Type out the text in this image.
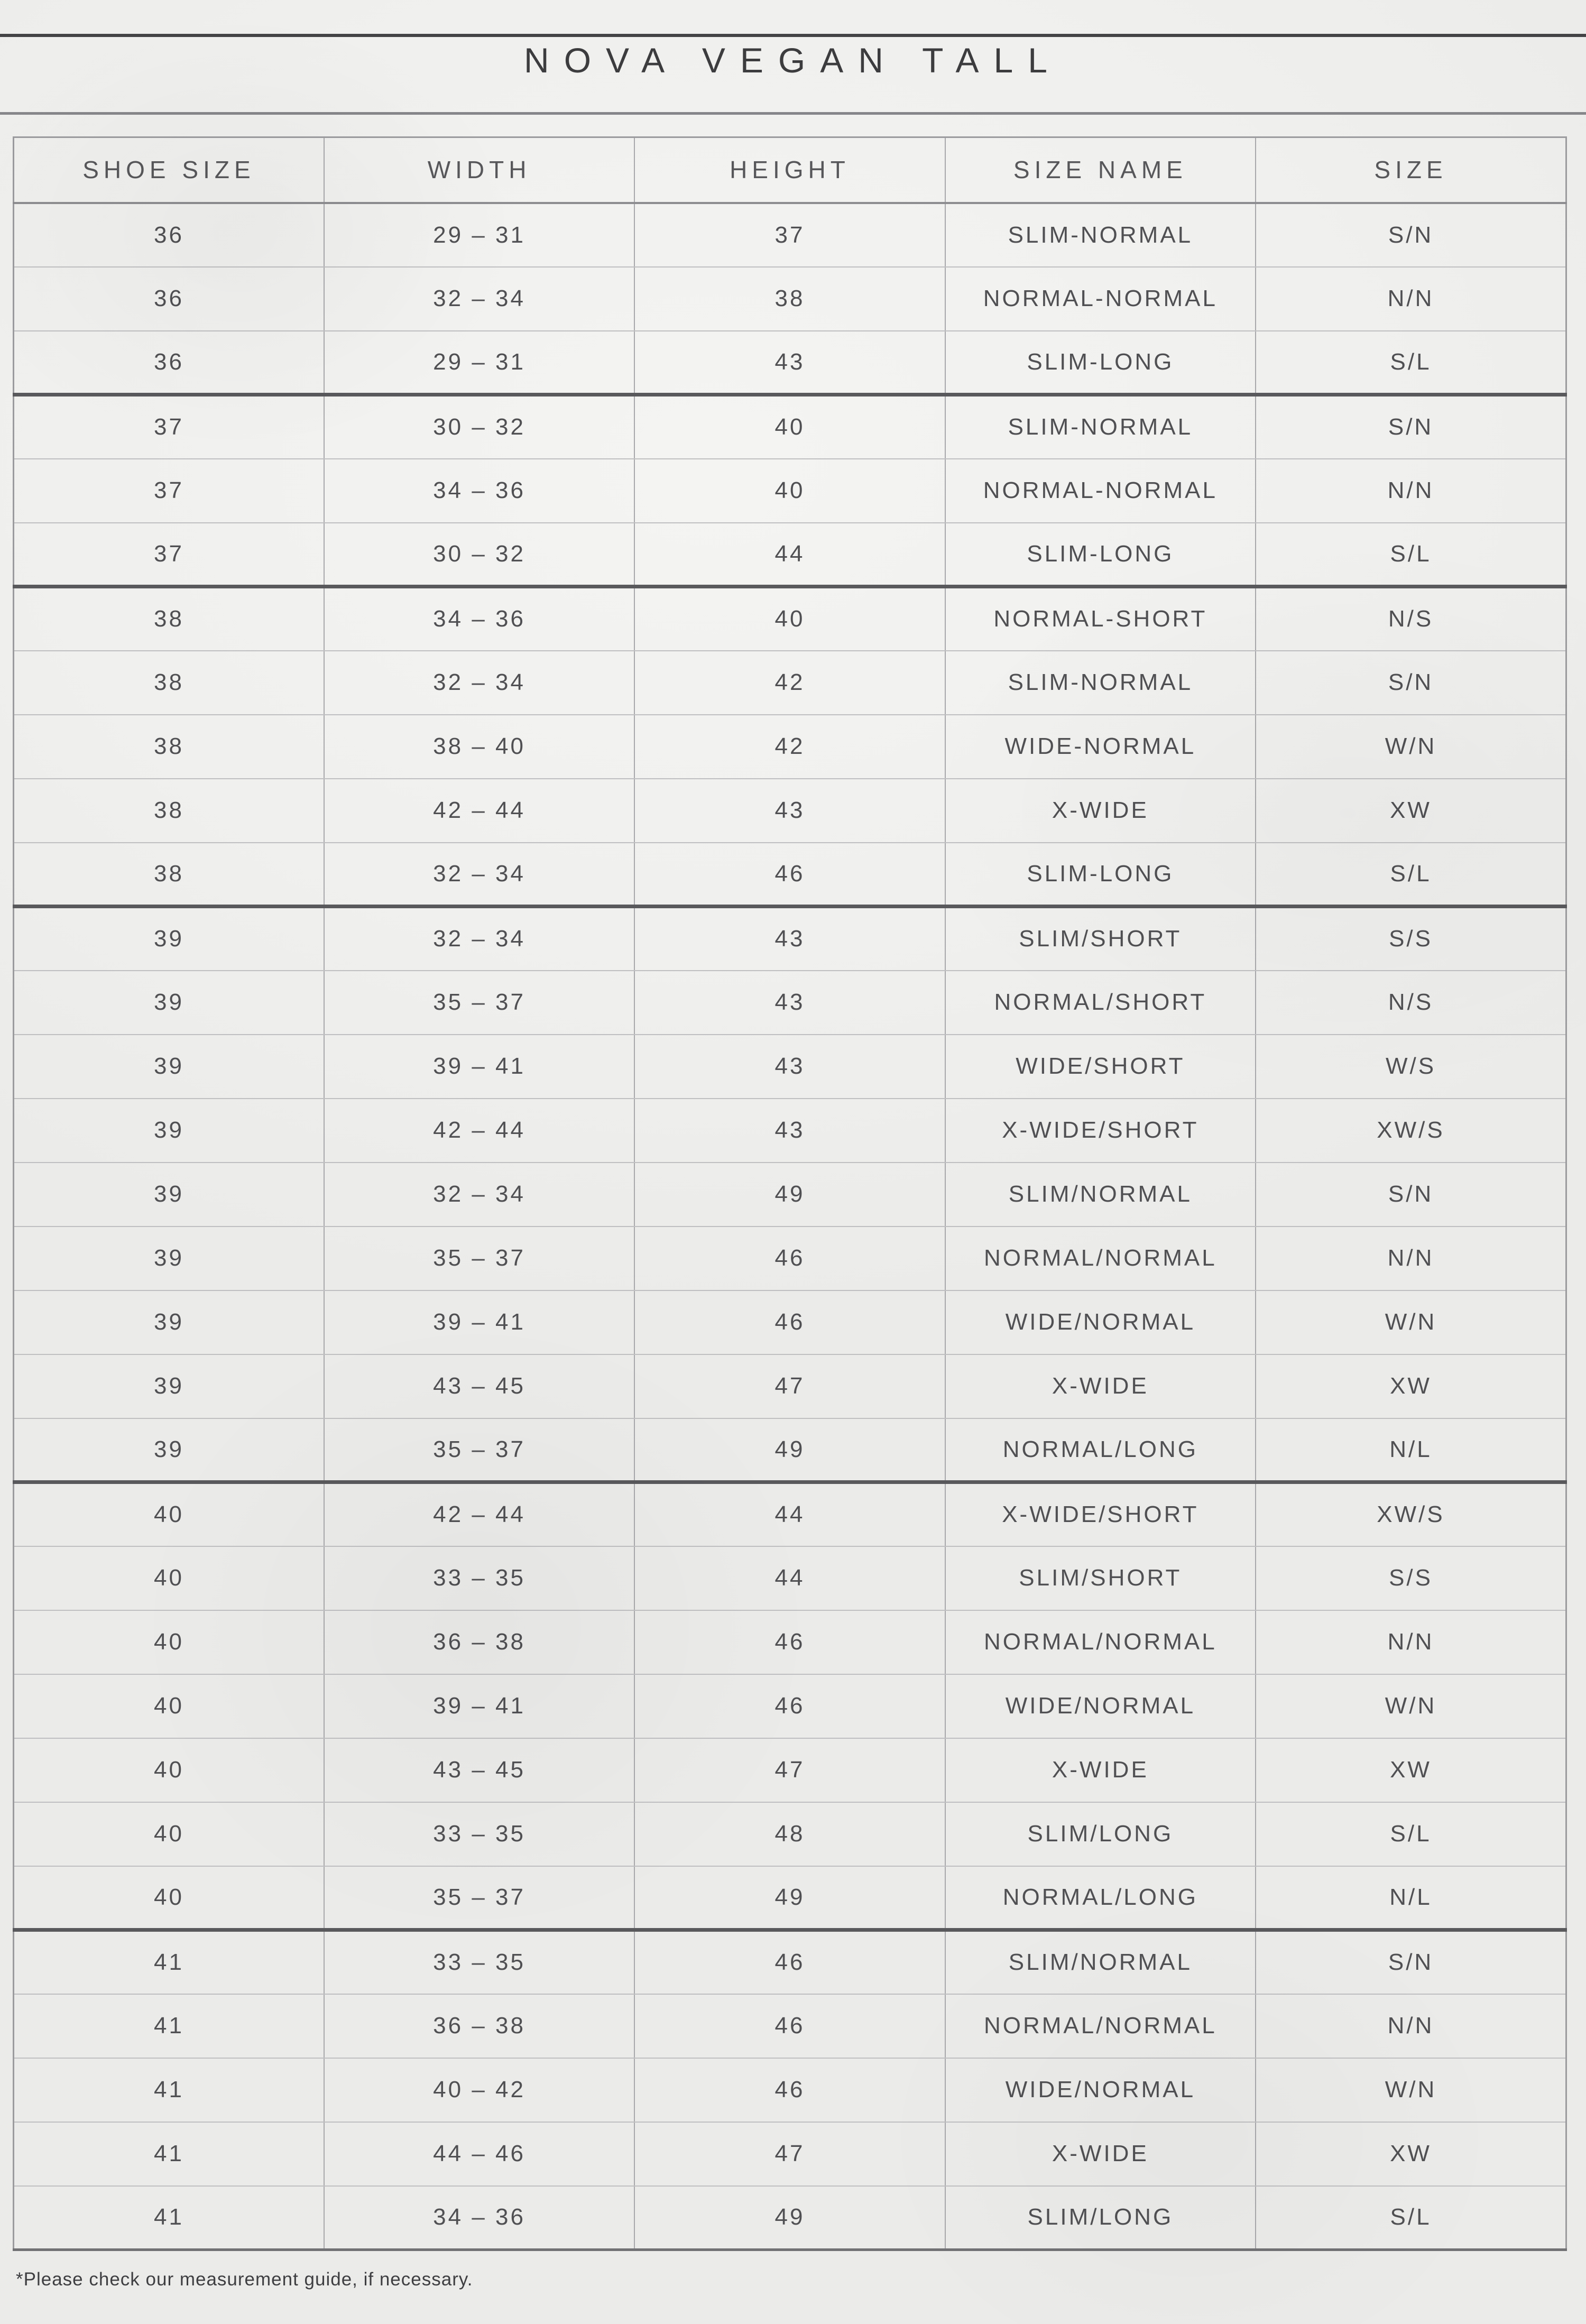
NOVA VEGAN TALL
SHOE SIZE	WIDTH	HEIGHT	SIZE NAME	SIZE
36	29 – 31	37	SLIM-NORMAL	S/N
36	32 – 34	38	NORMAL-NORMAL	N/N
36	29 – 31	43	SLIM-LONG	S/L
37	30 – 32	40	SLIM-NORMAL	S/N
37	34 – 36	40	NORMAL-NORMAL	N/N
37	30 – 32	44	SLIM-LONG	S/L
38	34 – 36	40	NORMAL-SHORT	N/S
38	32 – 34	42	SLIM-NORMAL	S/N
38	38 – 40	42	WIDE-NORMAL	W/N
38	42 – 44	43	X-WIDE	XW
38	32 – 34	46	SLIM-LONG	S/L
39	32 – 34	43	SLIM/SHORT	S/S
39	35 – 37	43	NORMAL/SHORT	N/S
39	39 – 41	43	WIDE/SHORT	W/S
39	42 – 44	43	X-WIDE/SHORT	XW/S
39	32 – 34	49	SLIM/NORMAL	S/N
39	35 – 37	46	NORMAL/NORMAL	N/N
39	39 – 41	46	WIDE/NORMAL	W/N
39	43 – 45	47	X-WIDE	XW
39	35 – 37	49	NORMAL/LONG	N/L
40	42 – 44	44	X-WIDE/SHORT	XW/S
40	33 – 35	44	SLIM/SHORT	S/S
40	36 – 38	46	NORMAL/NORMAL	N/N
40	39 – 41	46	WIDE/NORMAL	W/N
40	43 – 45	47	X-WIDE	XW
40	33 – 35	48	SLIM/LONG	S/L
40	35 – 37	49	NORMAL/LONG	N/L
41	33 – 35	46	SLIM/NORMAL	S/N
41	36 – 38	46	NORMAL/NORMAL	N/N
41	40 – 42	46	WIDE/NORMAL	W/N
41	44 – 46	47	X-WIDE	XW
41	34 – 36	49	SLIM/LONG	S/L

*Please check our measurement guide, if necessary.
